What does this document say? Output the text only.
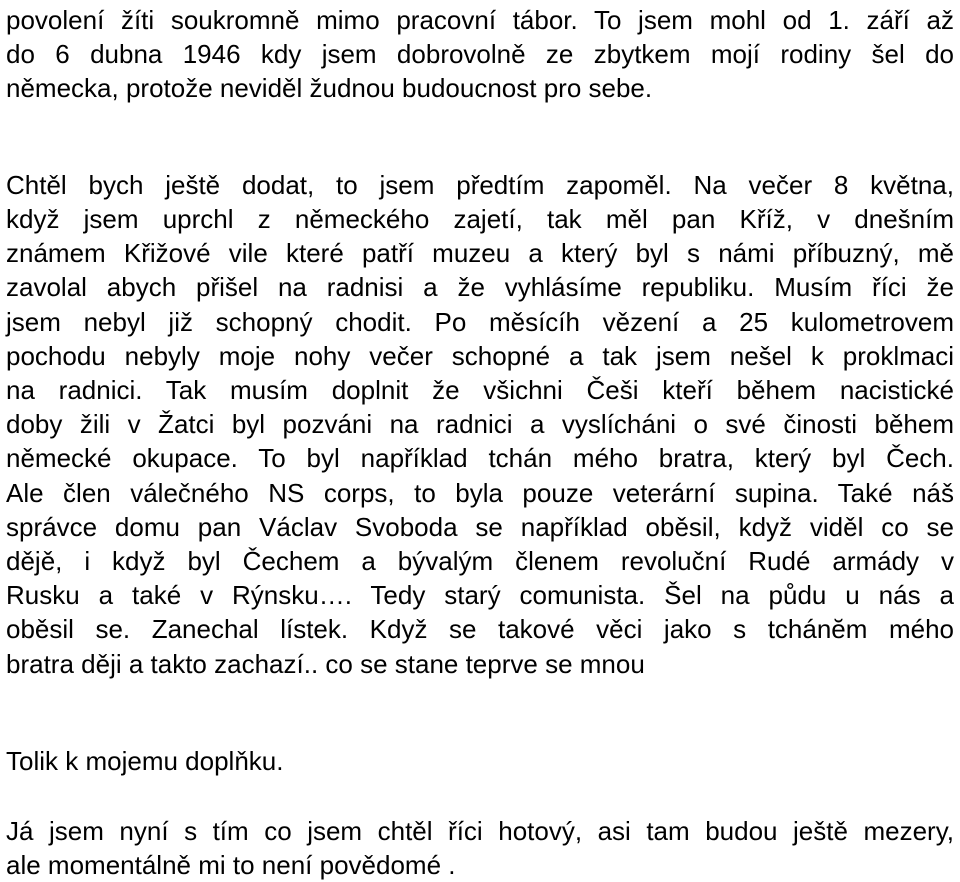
povolení žíti soukromně mimo pracovní tábor. To jsem mohl od 1. září až
do 6 dubna 1946 kdy jsem dobrovolně ze zbytkem mojí rodiny šel do
německa, protože neviděl žudnou budoucnost pro sebe.
Chtěl bych ještě dodat, to jsem předtím zapoměl. Na večer 8 května,
když jsem uprchl z německého zajetí, tak měl pan Kříž, v dnešním
známem Křižové vile které patří muzeu a který byl s námi příbuzný, mě
zavolal abych přišel na radnisi a že vyhlásíme republiku. Musím říci že
jsem nebyl již schopný chodit. Po měsícíh vězení a 25 kulometrovem
pochodu nebyly moje nohy večer schopné a tak jsem nešel k proklmaci
na radnici. Tak musím doplnit že všichni Češi kteří během nacistické
doby žili v Žatci byl pozváni na radnici a vyslícháni o své činosti během
německé okupace. To byl například tchán mého bratra, který byl Čech.
Ale člen válečného NS corps, to byla pouze veterární supina. Také náš
správce domu pan Václav Svoboda se například oběsil, když viděl co se
dějě, i když byl Čechem a bývalým členem revoluční Rudé armády v
Rusku a také v Rýnsku…. Tedy starý comunista. Šel na půdu u nás a
oběsil se. Zanechal lístek. Když se takové věci jako s tchánĕm mého
bratra ději a takto zachazí.. co se stane teprve se mnou
Tolik k mojemu doplňku.
Já jsem nyní s tím co jsem chtěl říci hotový, asi tam budou ještě mezery,
ale momentálně mi to není povědomé .
